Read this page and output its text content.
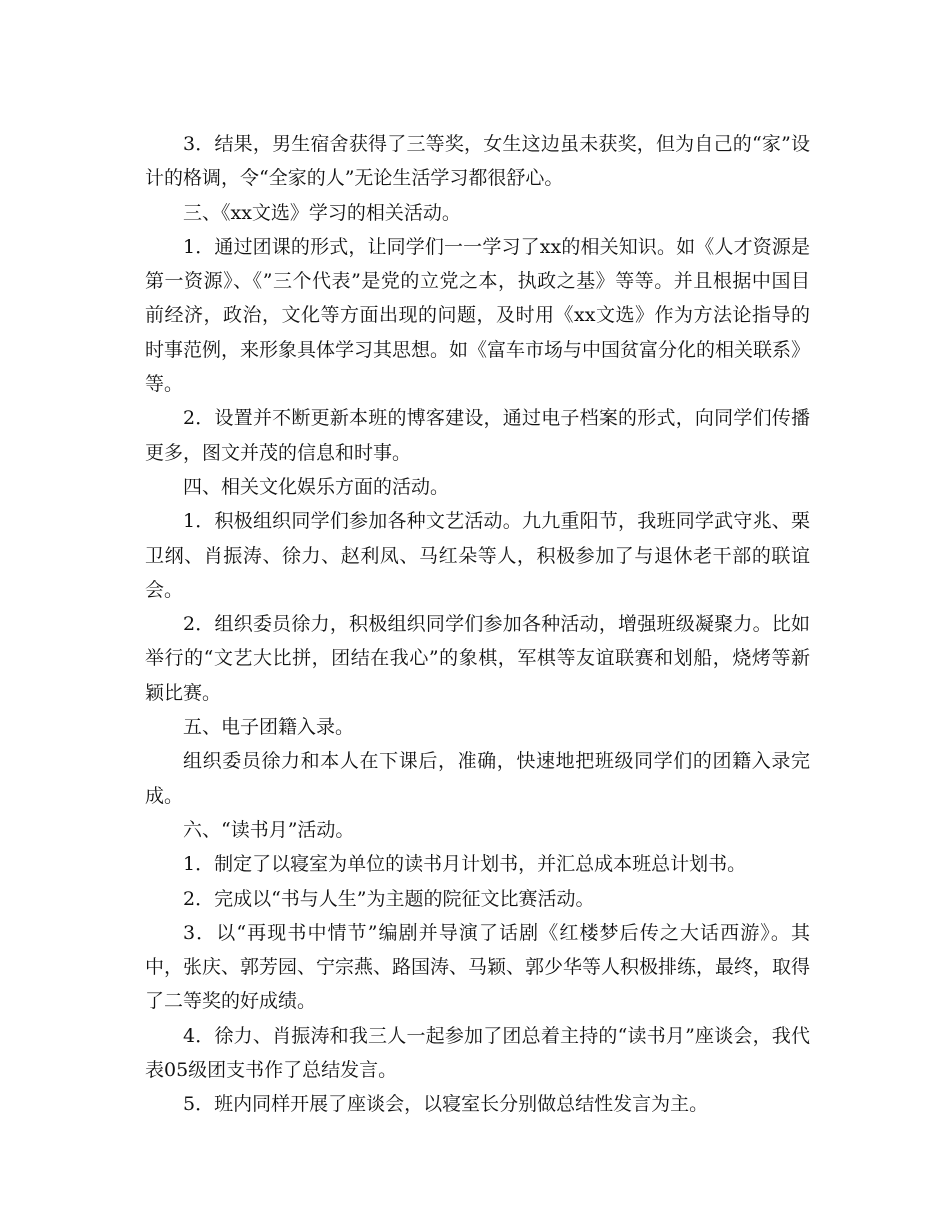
3．结果，男生宿舍获得了三等奖，女生这边虽未获奖，但为自己的“家”设计的格调，令“全家的人”无论生活学习都很舒心。

三、《xx文选》学习的相关活动。

1．通过团课的形式，让同学们一一学习了xx的相关知识。如《人才资源是第一资源》、《”三个代表”是党的立党之本，执政之基》等等。并且根据中国目前经济，政治，文化等方面出现的问题，及时用《xx文选》作为方法论指导的时事范例，来形象具体学习其思想。如《富车市场与中国贫富分化的相关联系》等。

2．设置并不断更新本班的博客建设，通过电子档案的形式，向同学们传播更多，图文并茂的信息和时事。

四、相关文化娱乐方面的活动。

1．积极组织同学们参加各种文艺活动。九九重阳节，我班同学武守兆、栗卫纲、肖振涛、徐力、赵利凤、马红朵等人，积极参加了与退休老干部的联谊会。

2．组织委员徐力，积极组织同学们参加各种活动，增强班级凝聚力。比如举行的“文艺大比拼，团结在我心”的象棋，军棋等友谊联赛和划船，烧烤等新颖比赛。

五、电子团籍入录。

组织委员徐力和本人在下课后，准确，快速地把班级同学们的团籍入录完成。

六、“读书月”活动。

1．制定了以寝室为单位的读书月计划书，并汇总成本班总计划书。

2．完成以“书与人生”为主题的院征文比赛活动。

3．以“再现书中情节”编剧并导演了话剧《红楼梦后传之大话西游》。其中，张庆、郭芳园、宁宗燕、路国涛、马颖、郭少华等人积极排练，最终，取得了二等奖的好成绩。

4．徐力、肖振涛和我三人一起参加了团总着主持的“读书月”座谈会，我代表05级团支书作了总结发言。

5．班内同样开展了座谈会，以寝室长分别做总结性发言为主。
